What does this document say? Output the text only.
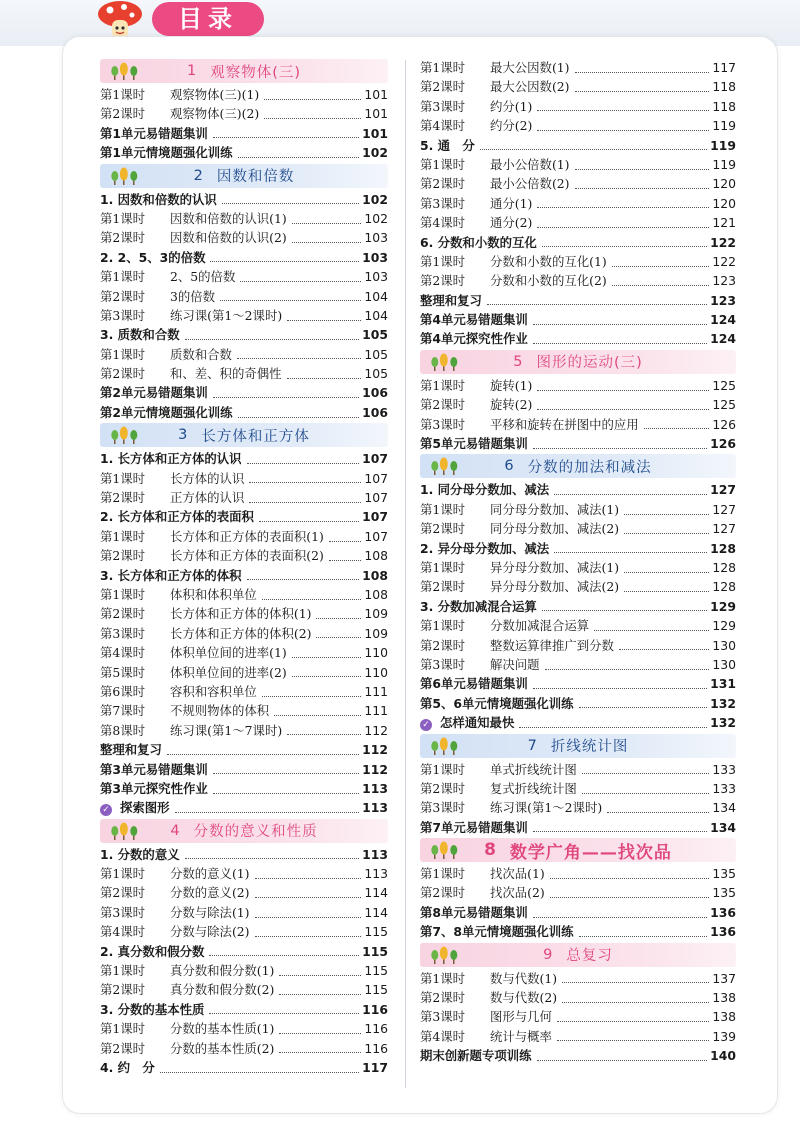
目录
1 观察物体(三)
第1课时 观察物体(三)(1)	101
第2课时 观察物体(三)(2)	101
第1单元易错题集训	101
第1单元情境题强化训练	102
2 因数和倍数
1. 因数和倍数的认识	102
第1课时 因数和倍数的认识(1)	102
第2课时 因数和倍数的认识(2)	103
2. 2、5、3的倍数	103
第1课时 2、5的倍数	103
第2课时 3的倍数	104
第3课时 练习课(第1～2课时)	104
3. 质数和合数	105
第1课时 质数和合数	105
第2课时 和、差、积的奇偶性	105
第2单元易错题集训	106
第2单元情境题强化训练	106
3 长方体和正方体
1. 长方体和正方体的认识	107
第1课时 长方体的认识	107
第2课时 正方体的认识	107
2. 长方体和正方体的表面积	107
第1课时 长方体和正方体的表面积(1)	107
第2课时 长方体和正方体的表面积(2)	108
3. 长方体和正方体的体积	108
第1课时 体积和体积单位	108
第2课时 长方体和正方体的体积(1)	109
第3课时 长方体和正方体的体积(2)	109
第4课时 体积单位间的进率(1)	110
第5课时 体积单位间的进率(2)	110
第6课时 容积和容积单位	111
第7课时 不规则物体的体积	111
第8课时 练习课(第1～7课时)	112
整理和复习	112
第3单元易错题集训	112
第3单元探究性作业	113
✓ 探索图形	113
4 分数的意义和性质
1. 分数的意义	113
第1课时 分数的意义(1)	113
第2课时 分数的意义(2)	114
第3课时 分数与除法(1)	114
第4课时 分数与除法(2)	115
2. 真分数和假分数	115
第1课时 真分数和假分数(1)	115
第2课时 真分数和假分数(2)	115
3. 分数的基本性质	116
第1课时 分数的基本性质(1)	116
第2课时 分数的基本性质(2)	116
4. 约　分	117
第1课时 最大公因数(1)	117
第2课时 最大公因数(2)	118
第3课时 约分(1)	118
第4课时 约分(2)	119
5. 通　分	119
第1课时 最小公倍数(1)	119
第2课时 最小公倍数(2)	120
第3课时 通分(1)	120
第4课时 通分(2)	121
6. 分数和小数的互化	122
第1课时 分数和小数的互化(1)	122
第2课时 分数和小数的互化(2)	123
整理和复习	123
第4单元易错题集训	124
第4单元探究性作业	124
5 图形的运动(三)
第1课时 旋转(1)	125
第2课时 旋转(2)	125
第3课时 平移和旋转在拼图中的应用	126
第5单元易错题集训	126
6 分数的加法和减法
1. 同分母分数加、减法	127
第1课时 同分母分数加、减法(1)	127
第2课时 同分母分数加、减法(2)	127
2. 异分母分数加、减法	128
第1课时 异分母分数加、减法(1)	128
第2课时 异分母分数加、减法(2)	128
3. 分数加减混合运算	129
第1课时 分数加减混合运算	129
第2课时 整数运算律推广到分数	130
第3课时 解决问题	130
第6单元易错题集训	131
第5、6单元情境题强化训练	132
✓ 怎样通知最快	132
7 折线统计图
第1课时 单式折线统计图	133
第2课时 复式折线统计图	133
第3课时 练习课(第1～2课时)	134
第7单元易错题集训	134
8 数学广角——找次品
第1课时 找次品(1)	135
第2课时 找次品(2)	135
第8单元易错题集训	136
第7、8单元情境题强化训练	136
9 总复习
第1课时 数与代数(1)	137
第2课时 数与代数(2)	138
第3课时 图形与几何	138
第4课时 统计与概率	139
期末创新题专项训练	140
